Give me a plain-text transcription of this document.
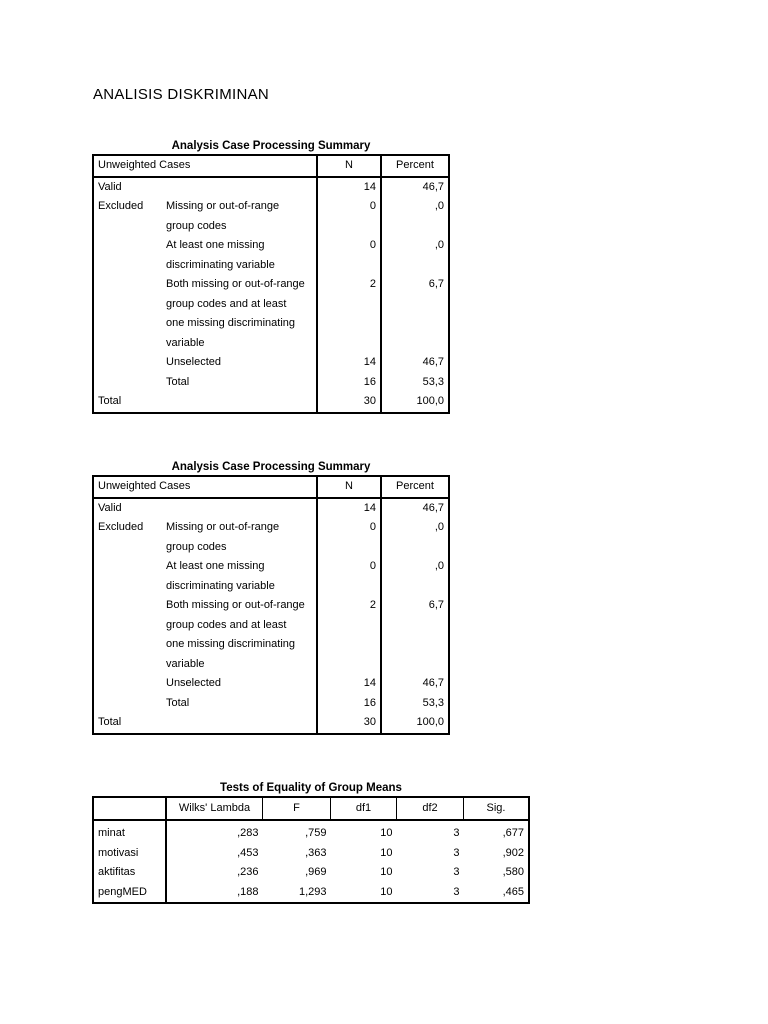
ANALISIS DISKRIMINAN
Analysis Case Processing Summary
Unweighted Cases		N	Percent
Valid		14	46,7
Excluded	Missing or out-of-range	0	,0
	group codes		
	At least one missing	0	,0
	discriminating variable		
	Both missing or out-of-range	2	6,7
	group codes and at least		
	one missing discriminating		
	variable		
	Unselected	14	46,7
	Total	16	53,3
Total		30	100,0
Analysis Case Processing Summary
Unweighted Cases		N	Percent
Valid		14	46,7
Excluded	Missing or out-of-range	0	,0
	group codes		
	At least one missing	0	,0
	discriminating variable		
	Both missing or out-of-range	2	6,7
	group codes and at least		
	one missing discriminating		
	variable		
	Unselected	14	46,7
	Total	16	53,3
Total		30	100,0
Tests of Equality of Group Means
	Wilks' Lambda	F	df1	df2	Sig.
minat	,283	,759	10	3	,677
motivasi	,453	,363	10	3	,902
aktifitas	,236	,969	10	3	,580
pengMED	,188	1,293	10	3	,465
